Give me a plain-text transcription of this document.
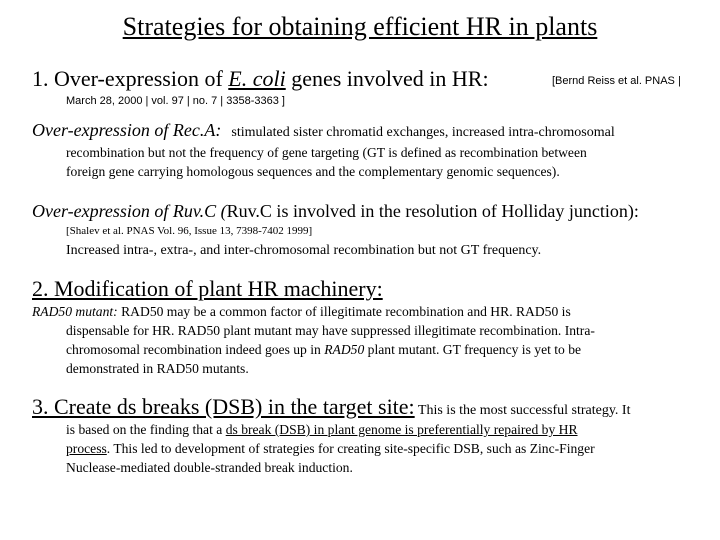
Strategies for obtaining efficient HR in plants
1. Over-expression of E. coli genes involved in HR:	[Bernd Reiss et al. PNAS |
March 28, 2000 | vol. 97 | no. 7 | 3358-3363 ]
Over-expression of Rec.A: stimulated sister chromatid exchanges, increased intra-chromosomal
recombination but not the frequency of gene targeting (GT is defined as recombination between
foreign gene carrying homologous sequences and the complementary genomic sequences).
Over-expression of Ruv.C (Ruv.C is involved in the resolution of Holliday junction):
[Shalev et al. PNAS Vol. 96, Issue 13, 7398-7402 1999]
Increased intra-, extra-, and inter-chromosomal recombination but not GT frequency.
2. Modification of plant HR machinery:
RAD50 mutant: RAD50 may be a common factor of illegitimate recombination and HR. RAD50 is
dispensable for HR. RAD50 plant mutant may have suppressed illegitimate recombination. Intra-
chromosomal recombination indeed goes up in RAD50 plant mutant. GT frequency is yet to be
demonstrated in RAD50 mutants.
3. Create ds breaks (DSB) in the target site: This is the most successful strategy. It
is based on the finding that a ds break (DSB) in plant genome is preferentially repaired by HR
process. This led to development of strategies for creating site-specific DSB, such as Zinc-Finger
Nuclease-mediated double-stranded break induction.
